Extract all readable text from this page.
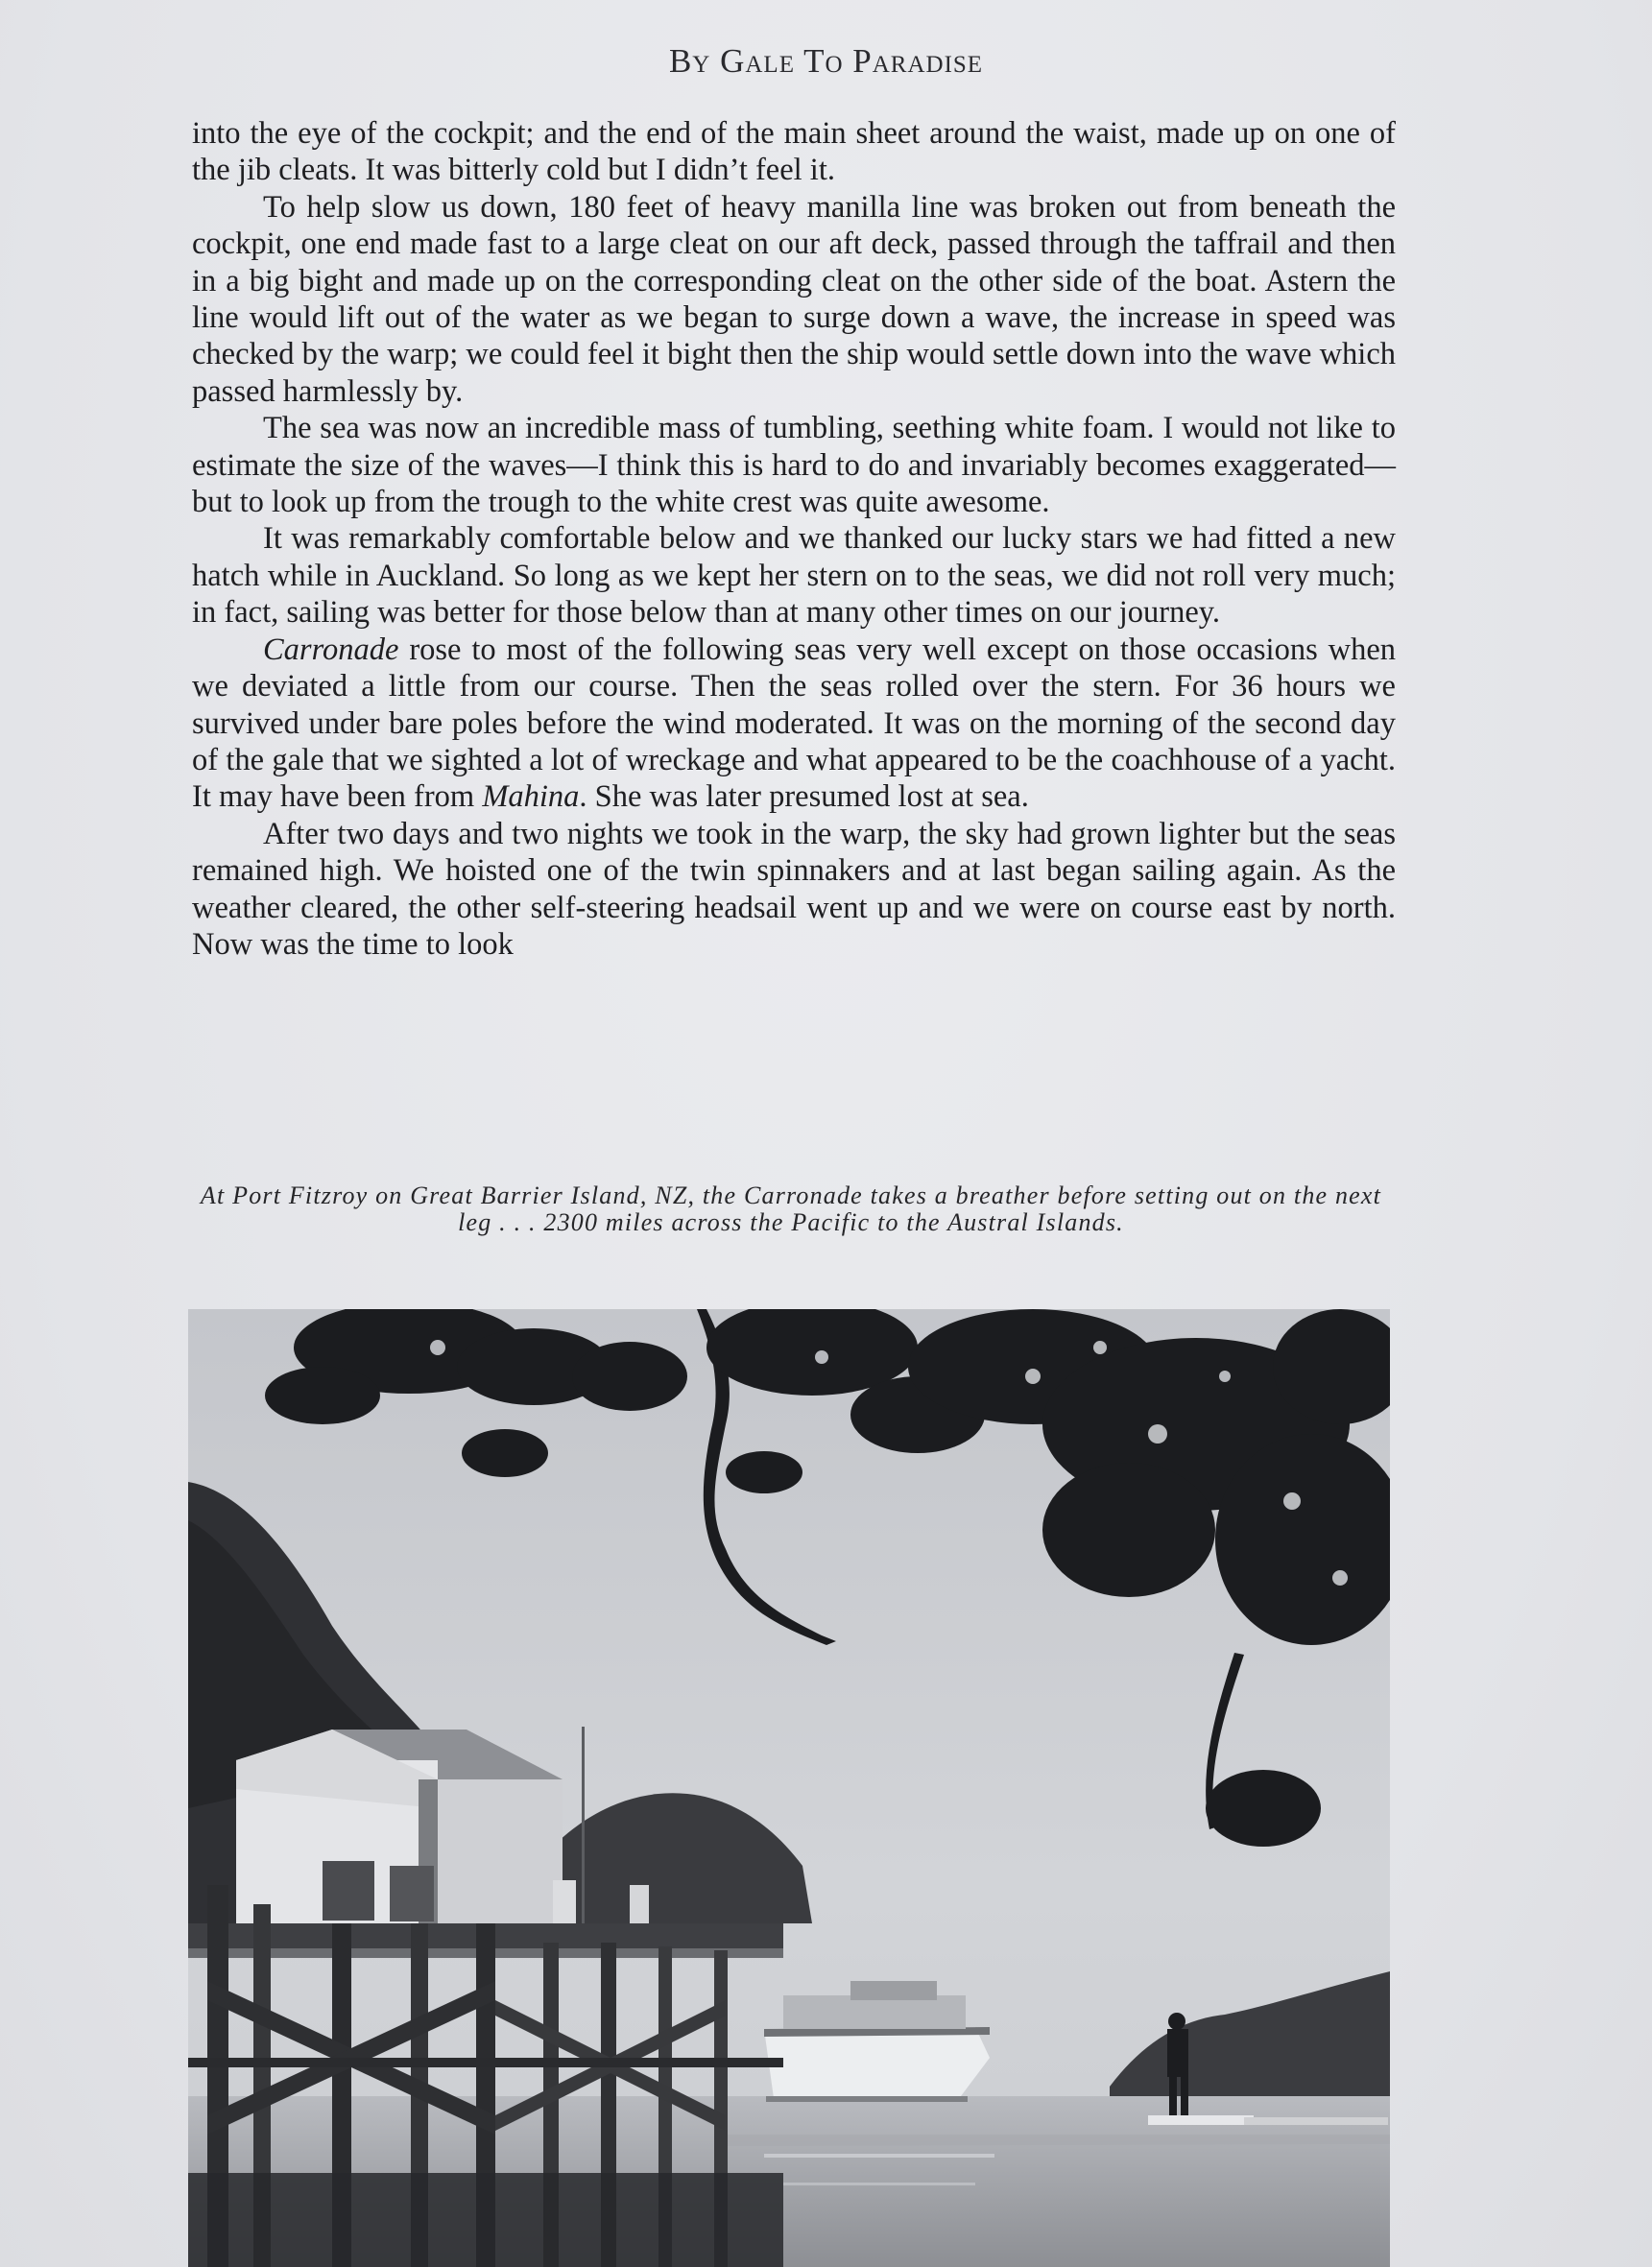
By Gale To Paradise

into the eye of the cockpit; and the end of the main sheet around the waist, made up on one of the jib cleats. It was bitterly cold but I didn’t feel it.

To help slow us down, 180 feet of heavy manilla line was broken out from beneath the cockpit, one end made fast to a large cleat on our aft deck, passed through the taffrail and then in a big bight and made up on the corresponding cleat on the other side of the boat. Astern the line would lift out of the water as we began to surge down a wave, the increase in speed was checked by the warp; we could feel it bight then the ship would settle down into the wave which passed harmlessly by.

The sea was now an incredible mass of tumbling, seething white foam. I would not like to estimate the size of the waves—I think this is hard to do and invariably becomes exaggerated—but to look up from the trough to the white crest was quite awesome.

It was remarkably comfortable below and we thanked our lucky stars we had fitted a new hatch while in Auckland. So long as we kept her stern on to the seas, we did not roll very much; in fact, sailing was better for those below than at many other times on our journey.

Carronade rose to most of the following seas very well except on those occasions when we deviated a little from our course. Then the seas rolled over the stern. For 36 hours we survived under bare poles before the wind moderated. It was on the morning of the second day of the gale that we sighted a lot of wreckage and what appeared to be the coachhouse of a yacht. It may have been from Mahina. She was later presumed lost at sea.

After two days and two nights we took in the warp, the sky had grown lighter but the seas remained high. We hoisted one of the twin spinnakers and at last began sailing again. As the weather cleared, the other self-steering headsail went up and we were on course east by north. Now was the time to look

At Port Fitzroy on Great Barrier Island, NZ, the Carronade takes a breather before setting out on the next leg . . . 2300 miles across the Pacific to the Austral Islands.
